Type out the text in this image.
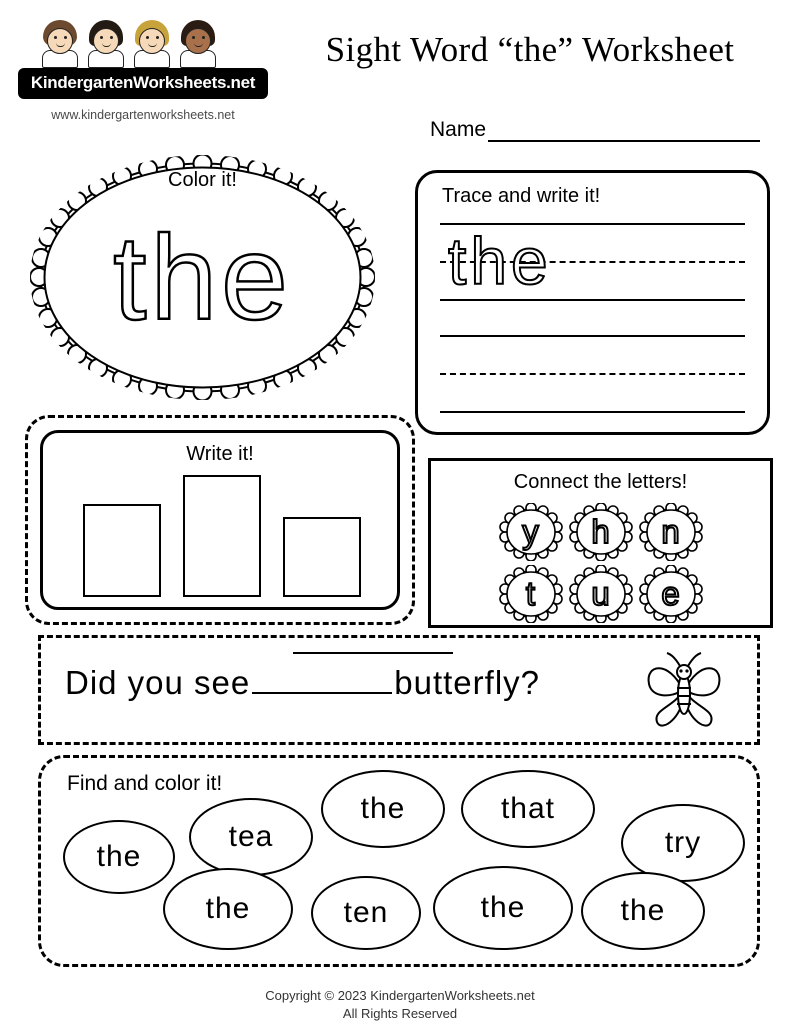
KindergartenWorksheets.net
www.kindergartenworksheets.net
Sight Word “the” Worksheet
Name
Color it!
the
Trace and write it!
the
Write it!
Connect the letters!
y	h	n
t	u	e
Did you see	butterfly?
Find and color it!
the
tea
the	that
try
the	ten	the	the
Copyright © 2023 KindergartenWorksheets.net
All Rights Reserved
